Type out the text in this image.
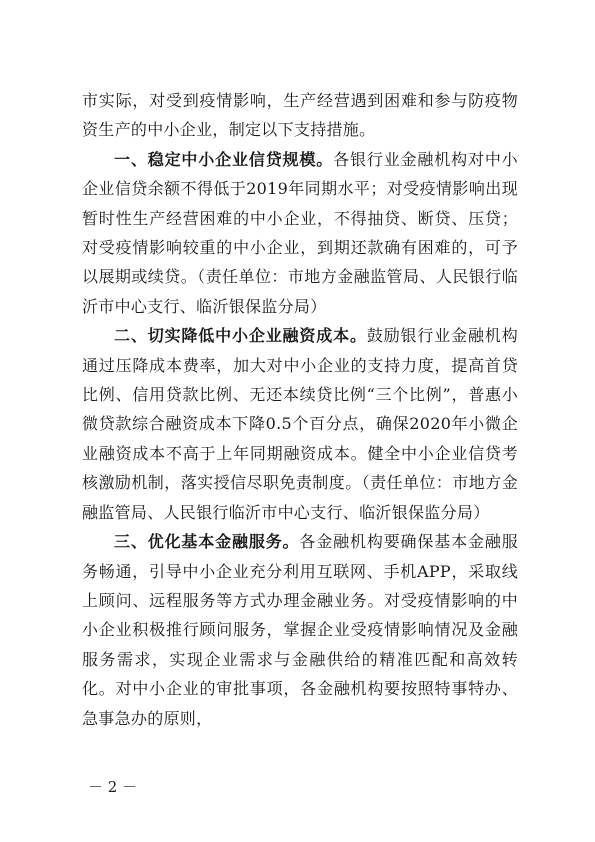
市实际，对受到疫情影响，生产经营遇到困难和参与防疫物资生产的中小企业，制定以下支持措施。

一、稳定中小企业信贷规模。各银行业金融机构对中小企业信贷余额不得低于2019年同期水平；对受疫情影响出现暂时性生产经营困难的中小企业，不得抽贷、断贷、压贷；对受疫情影响较重的中小企业，到期还款确有困难的，可予以展期或续贷。（责任单位：市地方金融监管局、人民银行临沂市中心支行、临沂银保监分局）

二、切实降低中小企业融资成本。鼓励银行业金融机构通过压降成本费率，加大对中小企业的支持力度，提高首贷比例、信用贷款比例、无还本续贷比例“三个比例”，普惠小微贷款综合融资成本下降0.5个百分点，确保2020年小微企业融资成本不高于上年同期融资成本。健全中小企业信贷考核激励机制，落实授信尽职免责制度。（责任单位：市地方金融监管局、人民银行临沂市中心支行、临沂银保监分局）

三、优化基本金融服务。各金融机构要确保基本金融服务畅通，引导中小企业充分利用互联网、手机APP，采取线上顾问、远程服务等方式办理金融业务。对受疫情影响的中小企业积极推行顾问服务，掌握企业受疫情影响情况及金融服务需求，实现企业需求与金融供给的精准匹配和高效转化。对中小企业的审批事项，各金融机构要按照特事特办、急事急办的原则，

－ 2 －
